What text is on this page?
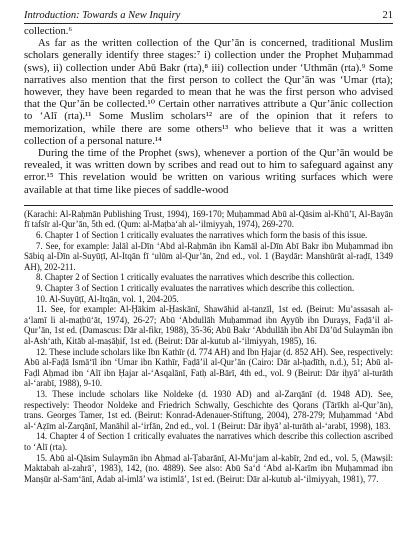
Introduction: Towards a New Inquiry	21

collection.⁶

As far as the written collection of the Qur’ān is concerned, traditional Muslim scholars generally identify three stages:⁷ i) collection under the Prophet Muḥammad (sws), ii) collection under Abū Bakr (rta),⁸ iii) collection under ‘Uthmān (rta).⁹ Some narratives also mention that the first person to collect the Qur’ān was ‘Umar (rta); however, they have been regarded to mean that he was the first person who advised that the Qur’ān be collected.¹⁰ Certain other narratives attribute a Qur’ānic collection to ‘Alī (rta).¹¹ Some Muslim scholars¹² are of the opinion that it refers to memorization, while there are some others¹³ who believe that it was a written collection of a personal nature.¹⁴

During the time of the Prophet (sws), whenever a portion of the Qur’ān would be revealed, it was written down by scribes and read out to him to safeguard against any error.¹⁵ This revelation would be written on various writing surfaces which were available at that time like pieces of saddle-wood

(Karachi: Al-Raḥmān Publishing Trust, 1994), 169-170; Muḥammad Abū al-Qāsim al-Khū’ī, Al-Bayān fī tafsīr al-Qur’ān, 5th ed. (Qum: al-Maṭba‘ah al-‘ilmiyyah, 1974), 269-270.

6. Chapter 1 of Section 1 critically evaluates the narratives which form the basis of this issue.

7. See, for example: Jalāl al-Dīn ‘Abd al-Raḥmān ibn Kamāl al-Dīn Abī Bakr ibn Muḥammad ibn Sābiq al-Dīn al-Suyūṭī, Al-Itqān fī ‘ulūm al-Qur’ān, 2nd ed., vol. 1 (Baydār: Manshūrāt al-raḍī, 1349 AH), 202-211.

8. Chapter 2 of Section 1 critically evaluates the narratives which describe this collection.

9. Chapter 3 of Section 1 critically evaluates the narratives which describe this collection.

10. Al-Suyūṭī, Al-Itqān, vol. 1, 204-205.

11. See, for example: Al-Ḥākim al-Ḥaskānī, Shawāhid al-tanzīl, 1st ed. (Beirut: Mu’assasah al-a‘lamī li al-maṭbū‘āt, 1974), 26-27; Abū ‘Abdullāh Muḥammad ibn Ayyūb ibn Durays, Faḍā’il al-Qur’ān, 1st ed. (Damascus: Dār al-fikr, 1988), 35-36; Abū Bakr ‘Abdullāh ibn Abī Dā’ūd Sulaymān ibn al-Ash‘ath, Kitāb al-maṣāḥif, 1st ed. (Beirut: Dār al-kutub al-‘ilmiyyah, 1985), 16.

12. These include scholars like Ibn Kathīr (d. 774 AH) and Ibn Ḥajar (d. 852 AH). See, respectively: Abū al-Faḍā Ismā‘īl ibn ‘Umar ibn Kathīr, Faḍā’il al-Qur’ān (Cairo: Dār al-ḥadīth, n.d.), 51; Abū al-Faḍl Aḥmad ibn ‘Alī ibn Ḥajar al-‘Asqalānī, Fatḥ al-Bārī, 4th ed., vol. 9 (Beirut: Dār iḥyā’ al-turāth al-‘arabī, 1988), 9-10.

13. These include scholars like Noldeke (d. 1930 AD) and al-Zarqānī (d. 1948 AD). See, respectively: Theodor Noldeke and Friedrich Schwally, Geschichte des Qorans (Tārīkh al-Qur’ān), trans. Georges Tamer, 1st ed. (Beirut: Konrad-Adenauer-Stiftung, 2004), 278-279; Muḥammad ‘Abd al-‘Aẓīm al-Zarqānī, Manāhil al-‘irfān, 2nd ed., vol. 1 (Beirut: Dār iḥyā’ al-turāth al-‘arabī, 1998), 183.

14. Chapter 4 of Section 1 critically evaluates the narratives which describe this collection ascribed to ‘Alī (rta).

15. Abū al-Qāsim Sulaymān ibn Aḥmad al-Ṭabarānī, Al-Mu‘jam al-kabīr, 2nd ed., vol. 5, (Mawṣil: Maktabah al-zahrā’, 1983), 142, (no. 4889). See also: Abū Sa‘d ‘Abd al-Karīm ibn Muḥammad ibn Manṣūr al-Sam‘ānī, Adab al-imlā’ wa istimlā’, 1st ed. (Beirut: Dār al-kutub al-‘ilmiyyah, 1981), 77.
